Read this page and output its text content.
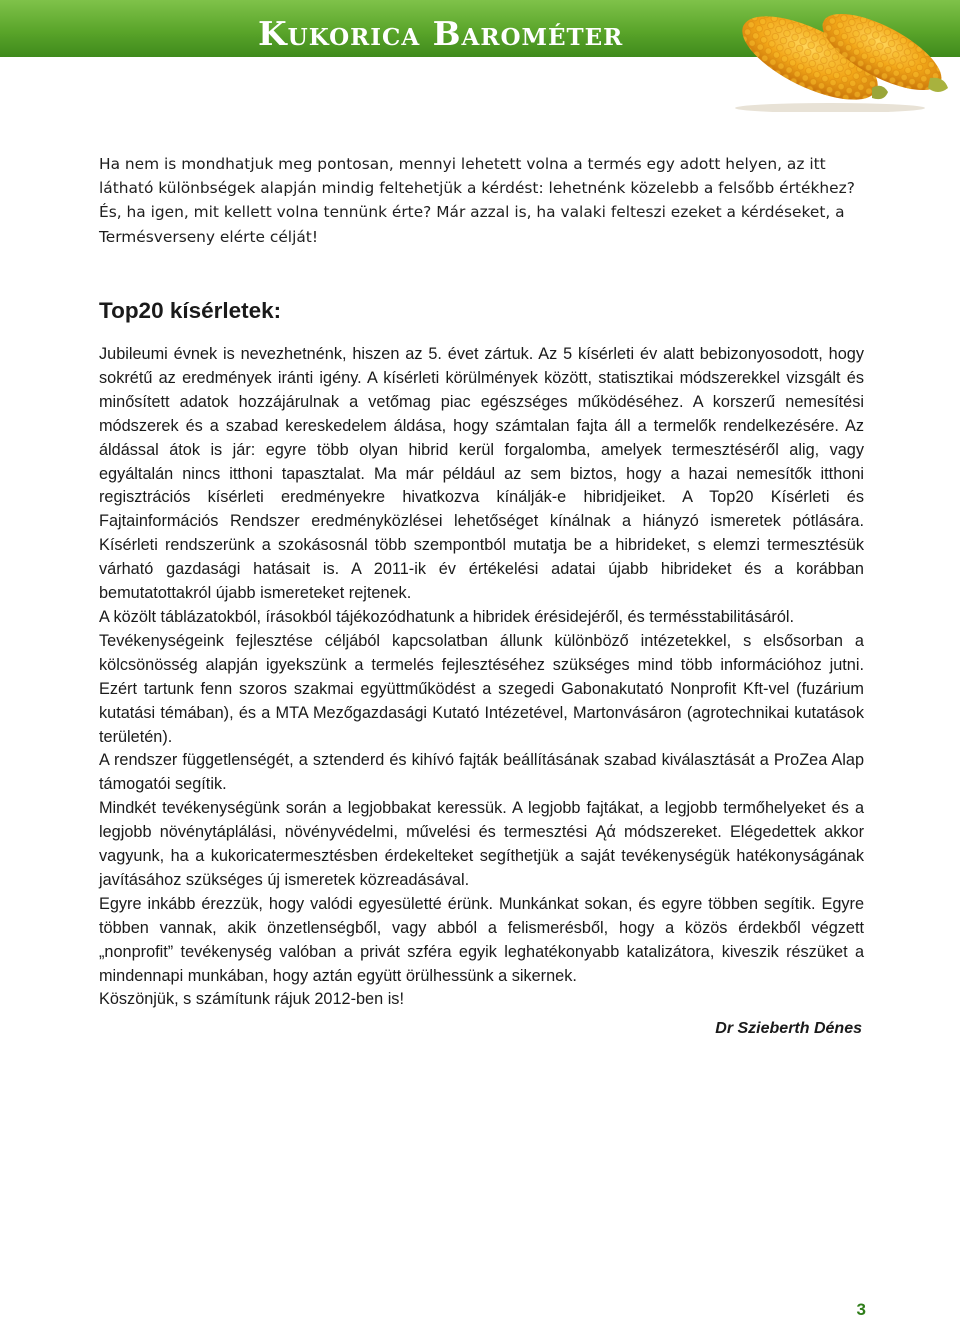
Kukorica Barométer

Ha nem is mondhatjuk meg pontosan, mennyi lehetett volna a termés egy adott helyen, az itt látható különbségek alapján mindig feltehetjük a kérdést: lehetnénk közelebb a felsőbb értékhez? És, ha igen, mit kellett volna tennünk érte? Már azzal is, ha valaki felteszi ezeket a kérdéseket, a Termésverseny elérte célját!

Top20 kísérletek:

Jubileumi évnek is nevezhetnénk, hiszen az 5. évet zártuk. Az 5 kísérleti év alatt bebizonyosodott, hogy sokrétű az eredmények iránti igény. A kísérleti körülmények között, statisztikai módszerekkel vizsgált és minősített adatok hozzájárulnak a vetőmag piac egészséges működéséhez. A korszerű nemesítési módszerek és a szabad kereskedelem áldása, hogy számtalan fajta áll a termelők rendelkezésére. Az áldással átok is jár: egyre több olyan hibrid kerül forgalomba, amelyek termesztéséről alig, vagy egyáltalán nincs itthoni tapasztalat. Ma már például az sem biztos, hogy a hazai nemesítők itthoni regisztrációs kísérleti eredményekre hivatkozva kínálják-e hibridjeiket. A Top20 Kísérleti és Fajtainformációs Rendszer eredményközlései lehetőséget kínálnak a hiányzó ismeretek pótlására. Kísérleti rendszerünk a szokásosnál több szempontból mutatja be a hibrideket, s elemzi termesztésük várható gazdasági hatásait is. A 2011-ik év értékelési adatai újabb hibrideket és a korábban bemutatottakról újabb ismereteket rejtenek.

A közölt táblázatokból, írásokból tájékozódhatunk a hibridek érésidejéről, és termésstabilitásáról.

Tevékenységeink fejlesztése céljából kapcsolatban állunk különböző intézetekkel, s elsősorban a kölcsönösség alapján igyekszünk a termelés fejlesztéséhez szükséges mind több információhoz jutni. Ezért tartunk fenn szoros szakmai együttműködést a szegedi Gabonakutató Nonprofit Kft-vel (fuzárium kutatási témában), és a MTA Mezőgazdasági Kutató Intézetével, Martonvásáron (agrotechnikai kutatások területén).

A rendszer függetlenségét, a sztenderd és kihívó fajták beállításának szabad kiválasztását a ProZea Alap támogatói segítik.

Mindkét tevékenységünk során a legjobbakat keressük. A legjobb fajtákat, a legjobb termőhelyeket és a legjobb növénytáplálási, növényvédelmi, művelési és termesztési Ąά módszereket. Elégedettek akkor vagyunk, ha a kukoricatermesztésben érdekelteket segíthetjük a saját tevékenységük hatékonyságának javításához szükséges új ismeretek közreadásával.

Egyre inkább érezzük, hogy valódi egyesületté érünk. Munkánkat sokan, és egyre többen segítik. Egyre többen vannak, akik önzetlenségből, vagy abból a felismerésből, hogy a közös érdekből végzett „nonprofit” tevékenység valóban a privát szféra egyik leghatékonyabb katalizátora, kiveszik részüket a mindennapi munkában, hogy aztán együtt örülhessünk a sikernek.

Köszönjük, s számítunk rájuk 2012-ben is!

Dr Szieberth Dénes
3
